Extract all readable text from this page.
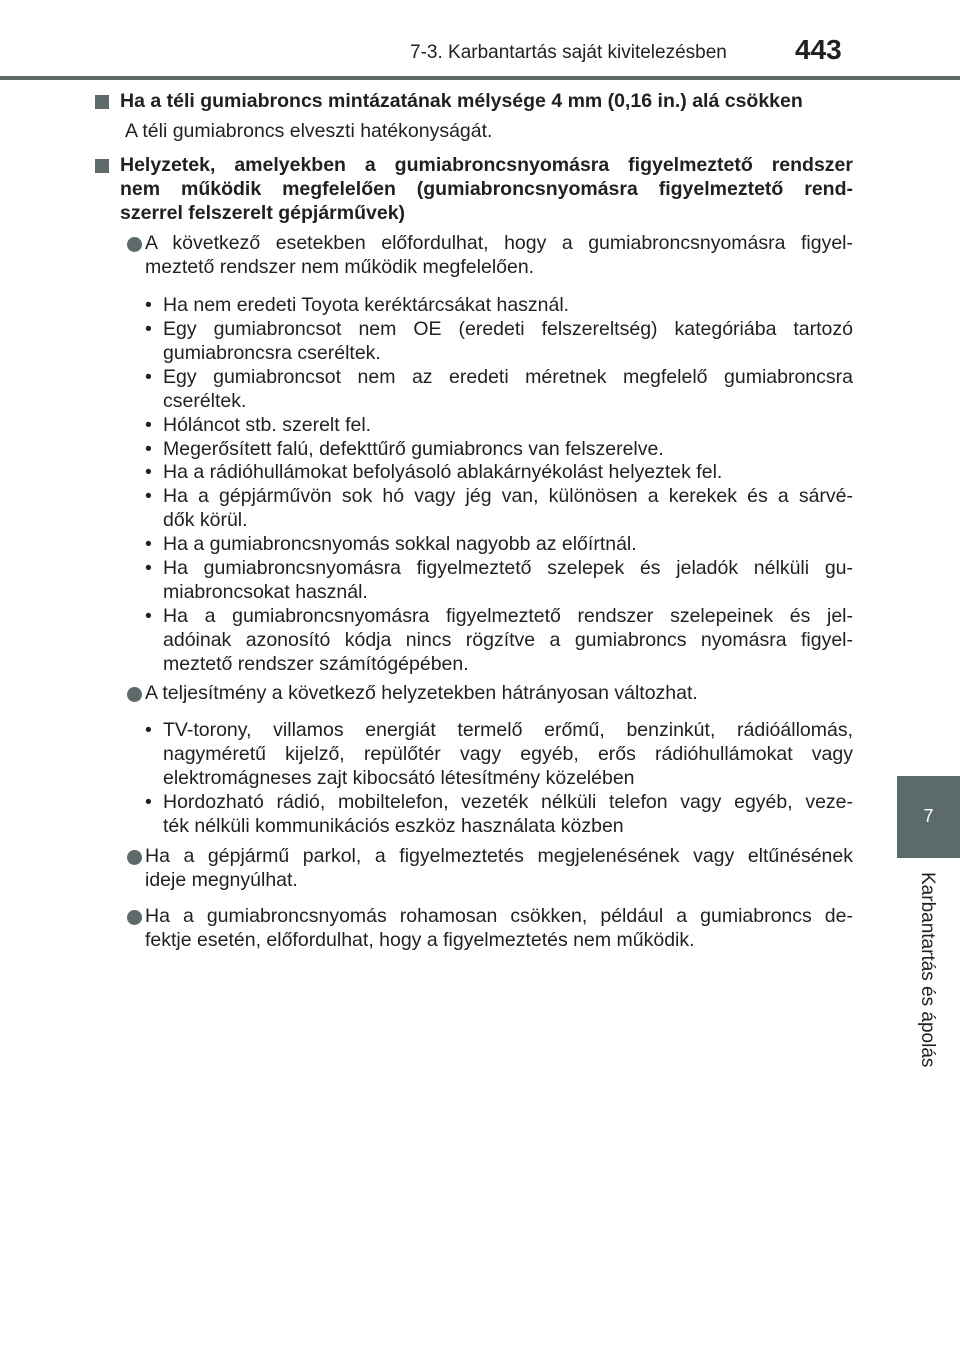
7-3. Karbantartás saját kivitelezésben	443
7
Karbantartás és ápolás
Ha a téli gumiabroncs mintázatának mélysége 4 mm (0,16 in.) alá csökken
A téli gumiabroncs elveszti hatékonyságát.
Helyzetek, amelyekben a gumiabroncsnyomásra figyelmeztető rendszer
nem működik megfelelően (gumiabroncsnyomásra figyelmeztető rend-
szerrel felszerelt gépjárművek)
A következő esetekben előfordulhat, hogy a gumiabroncsnyomásra figyel-
meztető rendszer nem működik megfelelően.
• Ha nem eredeti Toyota keréktárcsákat használ.
• Egy gumiabroncsot nem OE (eredeti felszereltség) kategóriába tartozó
gumiabroncsra cseréltek.
• Egy gumiabroncsot nem az eredeti méretnek megfelelő gumiabroncsra
cseréltek.
• Hóláncot stb. szerelt fel.
• Megerősített falú, defekttűrő gumiabroncs van felszerelve.
• Ha a rádióhullámokat befolyásoló ablakárnyékolást helyeztek fel.
• Ha a gépjárművön sok hó vagy jég van, különösen a kerekek és a sárvé-
dők körül.
• Ha a gumiabroncsnyomás sokkal nagyobb az előírtnál.
• Ha gumiabroncsnyomásra figyelmeztető szelepek és jeladók nélküli gu-
miabroncsokat használ.
• Ha a gumiabroncsnyomásra figyelmeztető rendszer szelepeinek és jel-
adóinak azonosító kódja nincs rögzítve a gumiabroncs nyomásra figyel-
meztető rendszer számítógépében.
A teljesítmény a következő helyzetekben hátrányosan változhat.
• TV-torony, villamos energiát termelő erőmű, benzinkút, rádióállomás,
nagyméretű kijelző, repülőtér vagy egyéb, erős rádióhullámokat vagy
elektromágneses zajt kibocsátó létesítmény közelében
• Hordozható rádió, mobiltelefon, vezeték nélküli telefon vagy egyéb, veze-
ték nélküli kommunikációs eszköz használata közben
Ha a gépjármű parkol, a figyelmeztetés megjelenésének vagy eltűnésének
ideje megnyúlhat.
Ha a gumiabroncsnyomás rohamosan csökken, például a gumiabroncs de-
fektje esetén, előfordulhat, hogy a figyelmeztetés nem működik.
